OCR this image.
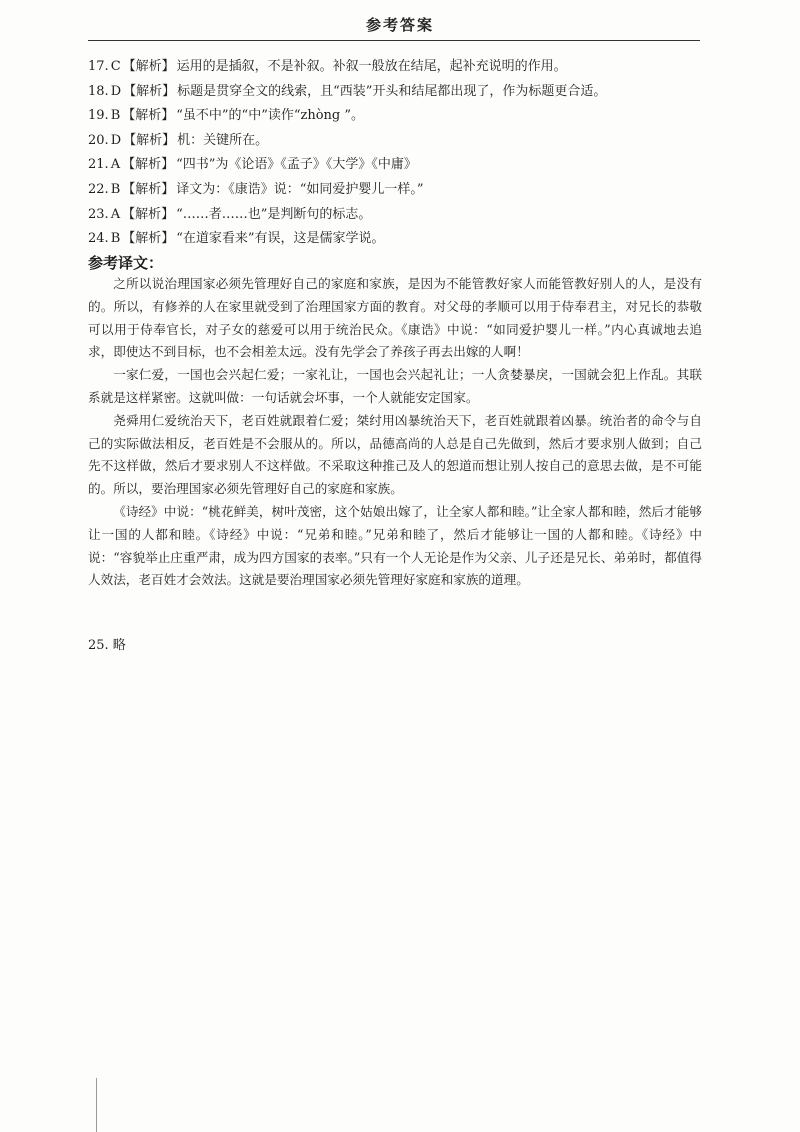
参考答案
17. C 【解析】 运用的是插叙，不是补叙。补叙一般放在结尾，起补充说明的作用。
18. D 【解析】 标题是贯穿全文的线索，且“西装”开头和结尾都出现了，作为标题更合适。
19. B 【解析】 “虽不中”的“中”读作“zhòng ”。
20. D 【解析】 机：关键所在。
21. A 【解析】 “四书”为《论语》《孟子》《大学》《中庸》
22. B 【解析】 译文为：《康诰》说：“如同爱护婴儿一样。”
23. A 【解析】 “……者……也”是判断句的标志。
24. B 【解析】 “在道家看来”有误，这是儒家学说。
参考译文：

之所以说治理国家必须先管理好自己的家庭和家族，是因为不能管教好家人而能管教好别人的人，是没有的。所以，有修养的人在家里就受到了治理国家方面的教育。对父母的孝顺可以用于侍奉君主，对兄长的恭敬可以用于侍奉官长，对子女的慈爱可以用于统治民众。《康诰》中说：“如同爱护婴儿一样。”内心真诚地去追求，即使达不到目标，也不会相差太远。没有先学会了养孩子再去出嫁的人啊！

一家仁爱，一国也会兴起仁爱；一家礼让，一国也会兴起礼让；一人贪婪暴戾，一国就会犯上作乱。其联系就是这样紧密。这就叫做：一句话就会坏事，一个人就能安定国家。

尧舜用仁爱统治天下，老百姓就跟着仁爱；桀纣用凶暴统治天下，老百姓就跟着凶暴。统治者的命令与自己的实际做法相反，老百姓是不会服从的。所以，品德高尚的人总是自己先做到，然后才要求别人做到；自己先不这样做，然后才要求别人不这样做。不采取这种推己及人的恕道而想让别人按自己的意思去做，是不可能的。所以，要治理国家必须先管理好自己的家庭和家族。

《诗经》中说：“桃花鲜美，树叶茂密，这个姑娘出嫁了，让全家人都和睦。”让全家人都和睦，然后才能够让一国的人都和睦。《诗经》中说：“兄弟和睦。”兄弟和睦了，然后才能够让一国的人都和睦。《诗经》中说：“容貌举止庄重严肃，成为四方国家的表率。”只有一个人无论是作为父亲、儿子还是兄长、弟弟时，都值得人效法，老百姓才会效法。这就是要治理国家必须先管理好家庭和家族的道理。

25. 略
